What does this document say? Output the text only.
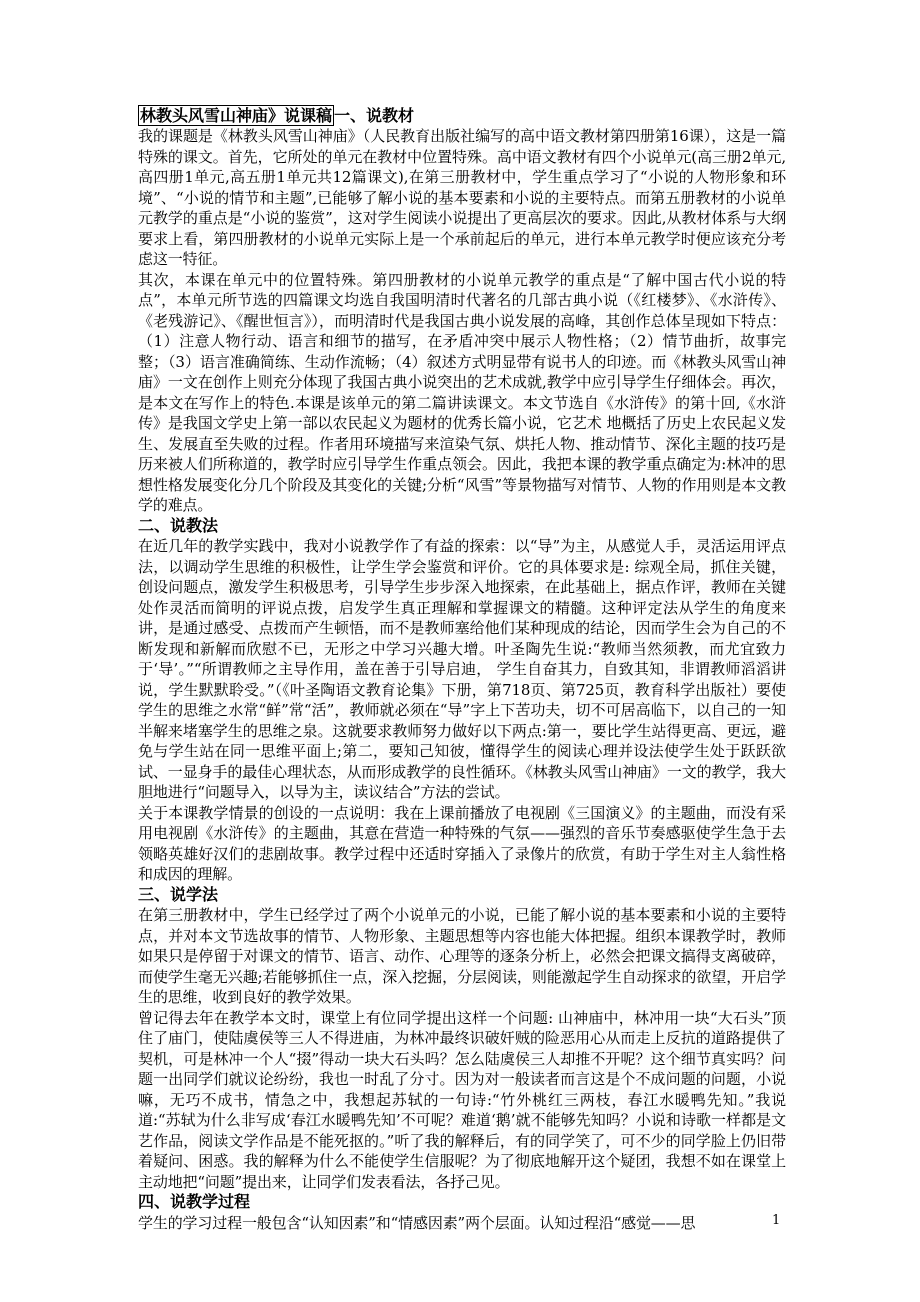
林教头风雪山神庙》说课稿 一、说教材

我的课题是《林教头风雪山神庙》（人民教育出版社编写的高中语文教材第四册第16课），这是一篇特殊的课文。首先，它所处的单元在教材中位置特殊。高中语文教材有四个小说单元(高三册2单元,高四册1单元,高五册1单元共12篇课文),在第三册教材中，学生重点学习了“小说的人物形象和环境”、“小说的情节和主题”,已能够了解小说的基本要素和小说的主要特点。而第五册教材的小说单元教学的重点是“小说的鉴赏”，这对学生阅读小说提出了更高层次的要求。因此,从教材体系与大纲要求上看，第四册教材的小说单元实际上是一个承前起后的单元，进行本单元教学时便应该充分考虑这一特征。

其次，本课在单元中的位置特殊。第四册教材的小说单元教学的重点是“了解中国古代小说的特点”，本单元所节选的四篇课文均选自我国明清时代著名的几部古典小说（《红楼梦》、《水浒传》、《老残游记》、《醒世恒言》），而明清时代是我国古典小说发展的高峰，其创作总体呈现如下特点：（1）注意人物行动、语言和细节的描写，在矛盾冲突中展示人物性格；（2）情节曲折，故事完整；（3）语言准确简练、生动作流畅；（4）叙述方式明显带有说书人的印迹。而《林教头风雪山神庙》一文在创作上则充分体现了我国古典小说突出的艺术成就,教学中应引导学生仔细体会。再次，是本文在写作上的特色.本课是该单元的第二篇讲读课文。本文节选自《水浒传》的第十回,《水浒传》是我国文学史上第一部以农民起义为题材的优秀长篇小说，它艺术 地概括了历史上农民起义发生、发展直至失败的过程。作者用环境描写来渲染气氛、烘托人物、推动情节、深化主题的技巧是历来被人们所称道的，教学时应引导学生作重点领会。因此，我把本课的教学重点确定为:林冲的思想性格发展变化分几个阶段及其变化的关键;分析“风雪”等景物描写对情节、人物的作用则是本文教学的难点。

二、说教法

在近几年的教学实践中，我对小说教学作了有益的探索：以“导”为主，从感觉人手，灵活运用评点法，以调动学生思维的积极性，让学生学会鉴赏和评价。它的具体要求是: 综观全局，抓住关键，创设问题点，激发学生积极思考，引导学生步步深入地探索，在此基础上，据点作评，教师在关键处作灵活而简明的评说点拨，启发学生真正理解和掌握课文的精髓。这种评定法从学生的角度来讲，是通过感受、点拨而产生顿悟，而不是教师塞给他们某种现成的结论，因而学生会为自己的不断发现和新解而欣慰不已，无形之中学习兴趣大增。叶圣陶先生说:“教师当然须教，而尤宜致力于‘导’。”“所谓教师之主导作用，盖在善于引导启迪， 学生自奋其力，自致其知，非谓教师滔滔讲说，学生默默聆受。”（《叶圣陶语文教育论集》下册，第718页、第725页，教育科学出版社）要使学生的思维之水常“鲜”常“活”，教师就必须在“导”字上下苦功夫，切不可居高临下，以自己的一知半解来堵塞学生的思维之泉。这就要求教师努力做好以下两点:第一，要比学生站得更高、更远，避免与学生站在同一思维平面上;第二，要知己知彼，懂得学生的阅读心理并设法使学生处于跃跃欲试、一显身手的最佳心理状态，从而形成教学的良性循环。《林教头风雪山神庙》一文的教学，我大胆地进行“问题导入，以导为主，读议结合”方法的尝试。

关于本课教学情景的创设的一点说明：我在上课前播放了电视剧《三国演义》的主题曲，而没有采用电视剧《水浒传》的主题曲，其意在营造一种特殊的气氛——强烈的音乐节奏感驱使学生急于去领略英雄好汉们的悲剧故事。教学过程中还适时穿插入了录像片的欣赏，有助于学生对主人翁性格和成因的理解。

三、说学法

在第三册教材中，学生已经学过了两个小说单元的小说，已能了解小说的基本要素和小说的主要特点，并对本文节选故事的情节、人物形象、主题思想等内容也能大体把握。组织本课教学时，教师如果只是停留于对课文的情节、语言、动作、心理等的逐条分析上，必然会把课文搞得支离破碎，而使学生毫无兴趣;若能够抓住一点，深入挖掘，分层阅读，则能激起学生自动探求的欲望，开启学生的思维，收到良好的教学效果。

曾记得去年在教学本文时，课堂上有位同学提出这样一个问题: 山神庙中，林冲用一块“大石头”顶住了庙门，使陆虞侯等三人不得进庙，为林冲最终识破奸贼的险恶用心从而走上反抗的道路提供了契机，可是林冲一个人“掇”得动一块大石头吗？怎么陆虞侯三人却推不开呢？这个细节真实吗？问题一出同学们就议论纷纷，我也一时乱了分寸。因为对一般读者而言这是个不成问题的问题，小说嘛，无巧不成书，情急之中，我想起苏轼的一句诗:“竹外桃红三两枝，春江水暖鸭先知。”我说道:“苏轼为什么非写成‘春江水暖鸭先知’不可呢？难道‘鹅’就不能够先知吗？小说和诗歌一样都是文艺作品，阅读文学作品是不能死抠的。”听了我的解释后，有的同学笑了，可不少的同学脸上仍旧带着疑问、困惑。我的解释为什么不能使学生信服呢？为了彻底地解开这个疑团，我想不如在课堂上主动地把“问题”提出来，让同学们发表看法，各抒己见。

四、说教学过程

学生的学习过程一般包含“认知因素”和“情感因素”两个层面。认知过程沿“感觉——思	1
